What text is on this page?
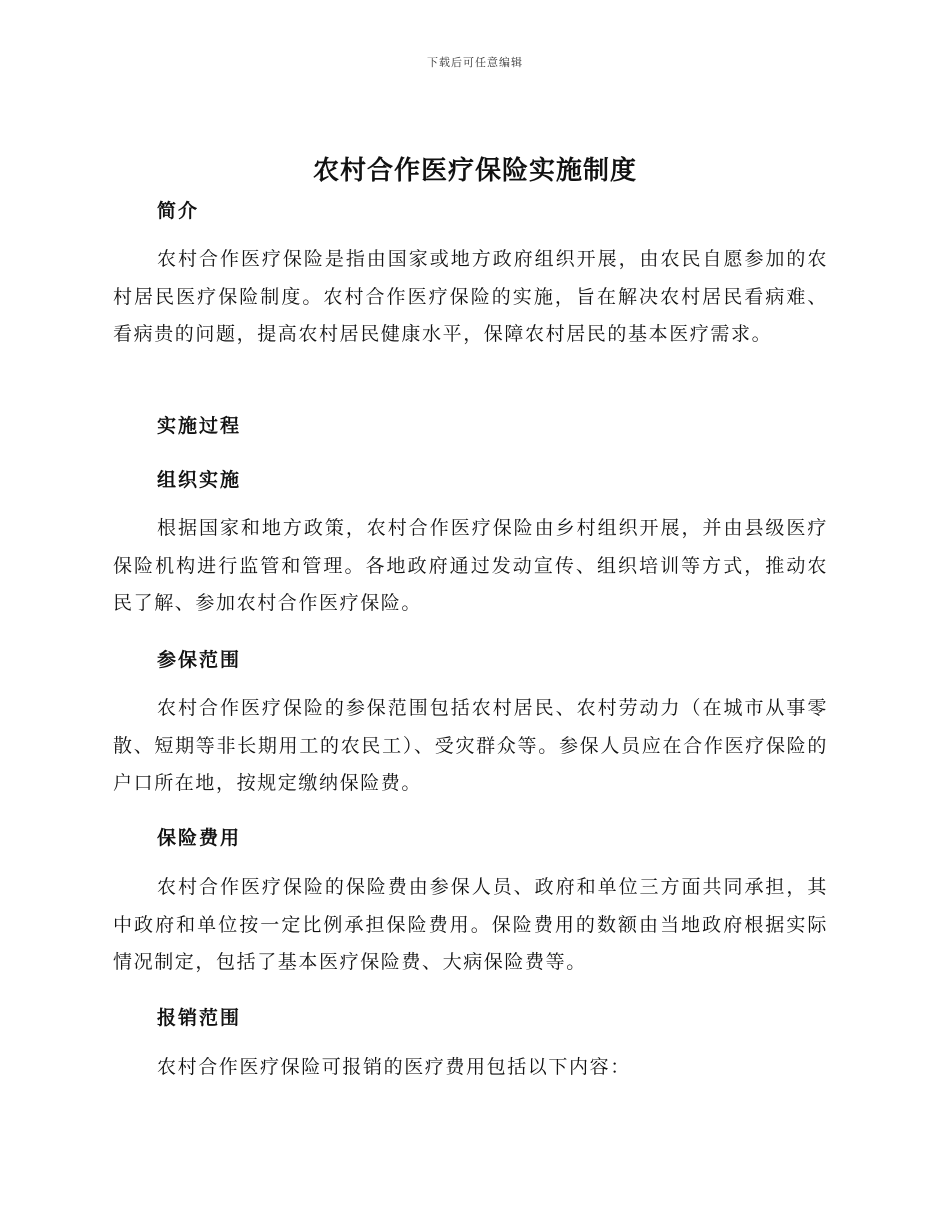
下载后可任意编辑
农村合作医疗保险实施制度
简介

农村合作医疗保险是指由国家或地方政府组织开展，由农民自愿参加的农村居民医疗保险制度。农村合作医疗保险的实施，旨在解决农村居民看病难、看病贵的问题，提高农村居民健康水平，保障农村居民的基本医疗需求。

实施过程
组织实施

根据国家和地方政策，农村合作医疗保险由乡村组织开展，并由县级医疗保险机构进行监管和管理。各地政府通过发动宣传、组织培训等方式，推动农民了解、参加农村合作医疗保险。

参保范围

农村合作医疗保险的参保范围包括农村居民、农村劳动力（在城市从事零散、短期等非长期用工的农民工）、受灾群众等。参保人员应在合作医疗保险的户口所在地，按规定缴纳保险费。

保险费用

农村合作医疗保险的保险费由参保人员、政府和单位三方面共同承担，其中政府和单位按一定比例承担保险费用。保险费用的数额由当地政府根据实际情况制定，包括了基本医疗保险费、大病保险费等。

报销范围

农村合作医疗保险可报销的医疗费用包括以下内容：
